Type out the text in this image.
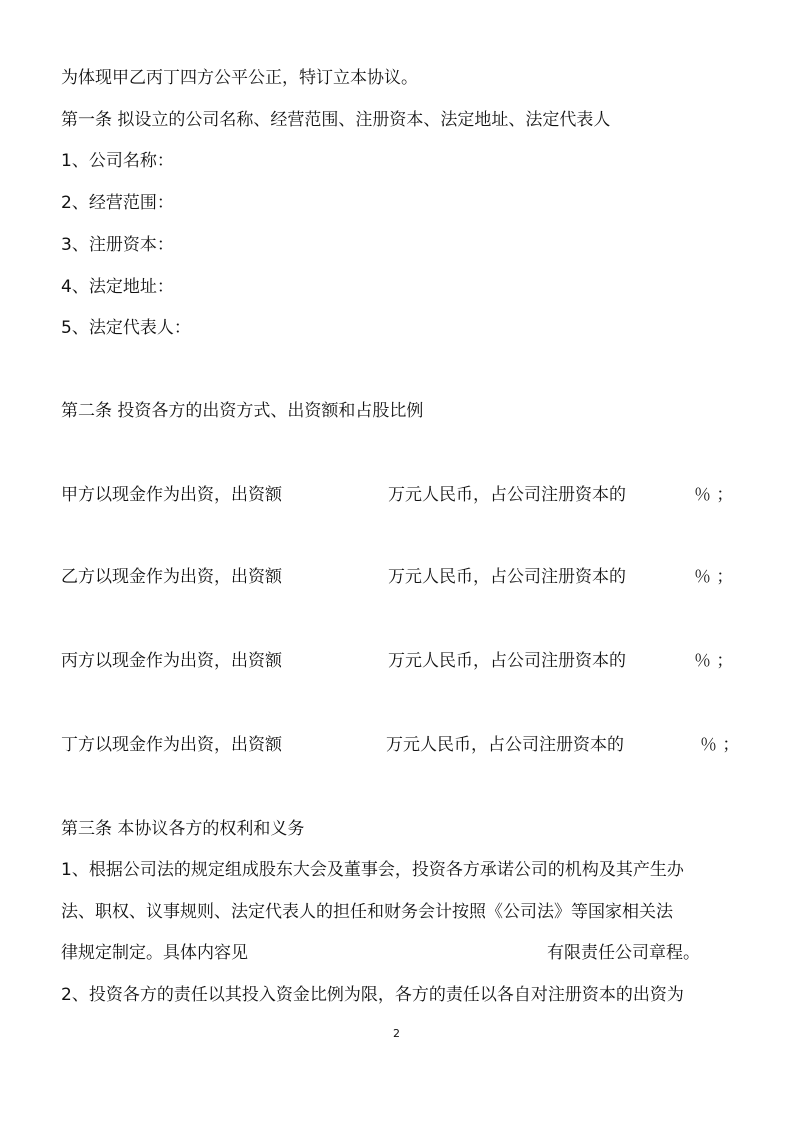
为体现甲乙丙丁四方公平公正，特订立本协议。
第一条 拟设立的公司名称、经营范围、注册资本、法定地址、法定代表人
1、公司名称：
2、经营范围：
3、注册资本：
4、法定地址：
5、法定代表人：
第二条 投资各方的出资方式、出资额和占股比例
甲方以现金作为出资，出资额	万元人民币，占公司注册资本的	％ ；
乙方以现金作为出资，出资额	万元人民币，占公司注册资本的	％ ；
丙方以现金作为出资，出资额	万元人民币，占公司注册资本的	％ ；
丁方以现金作为出资，出资额	万元人民币，占公司注册资本的	％ ；
第三条 本协议各方的权利和义务
1、根据公司法的规定组成股东大会及董事会，投资各方承诺公司的机构及其产生办
法、职权、议事规则、法定代表人的担任和财务会计按照《公司法》等国家相关法
律规定制定。具体内容见	有限责任公司章程。
2、投资各方的责任以其投入资金比例为限，各方的责任以各自对注册资本的出资为
2
